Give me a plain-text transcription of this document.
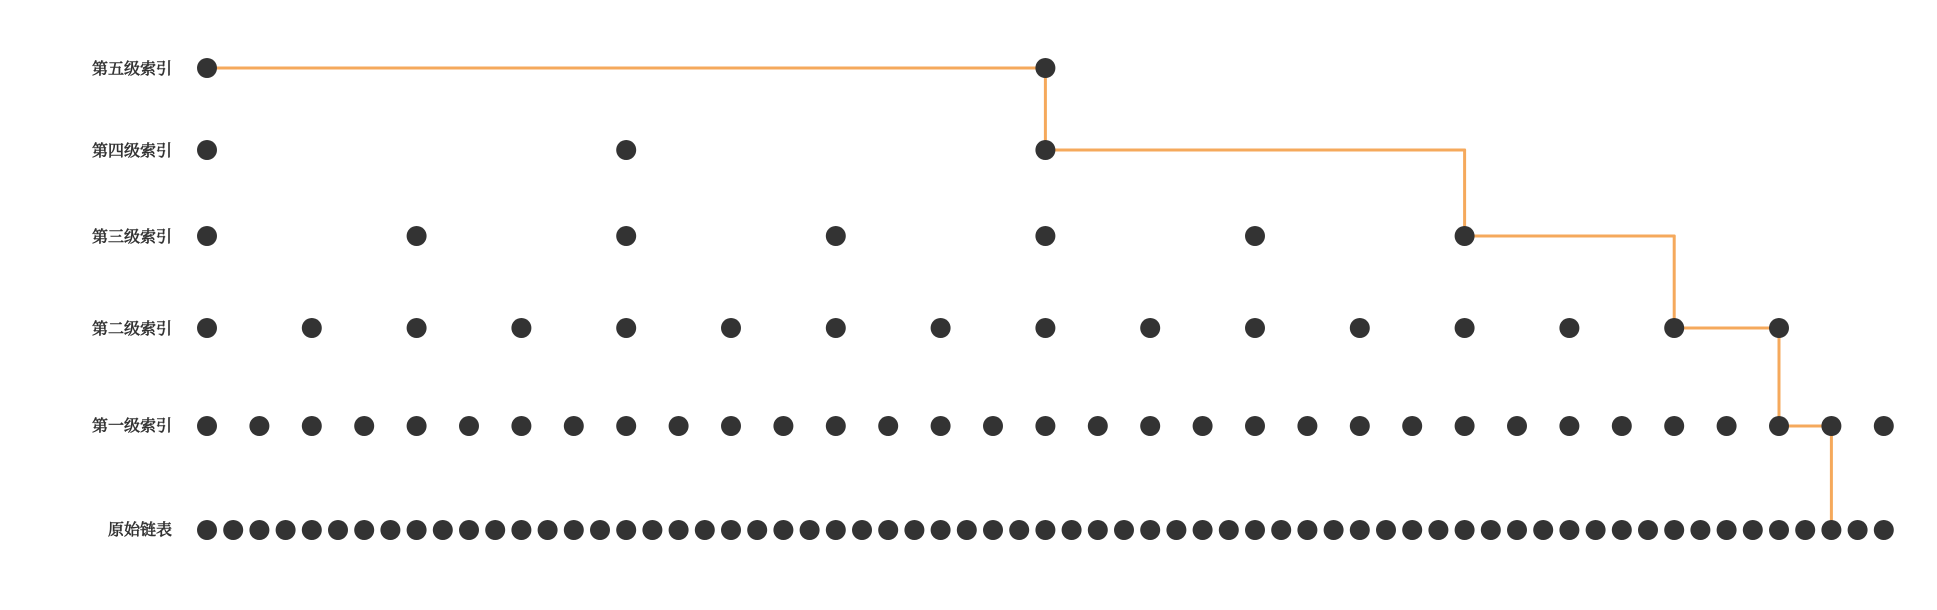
第五级索引
第四级索引
第三级索引
第二级索引
第一级索引
原始链表
